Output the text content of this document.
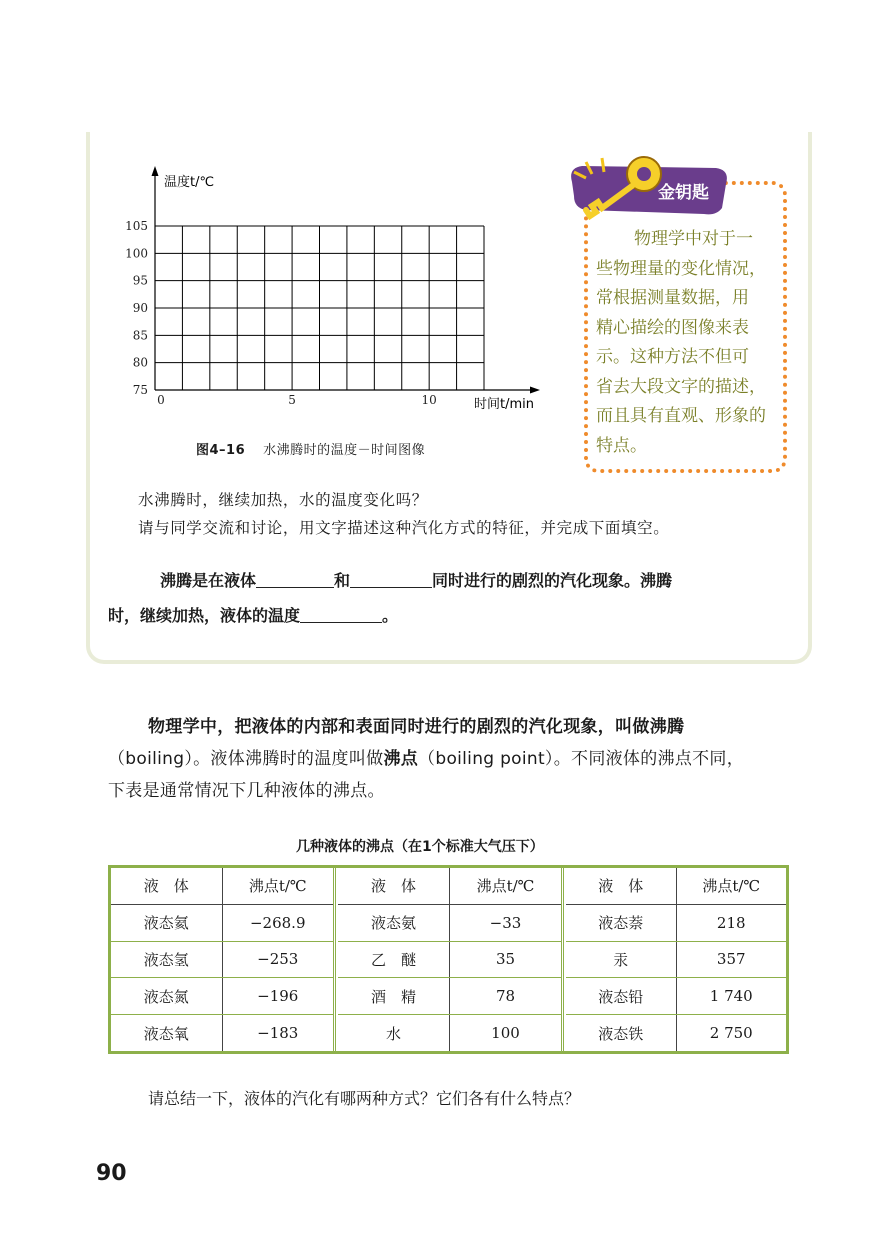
温度t/℃
时间t/min
105
100
95
90
85
80
75
0	5	10
图4–16 水沸腾时的温度－时间图像
物理学中对于一
些物理量的变化情况，
常根据测量数据，用
精心描绘的图像来表
示。这种方法不但可
省去大段文字的描述，
而且具有直观、形象的
特点。
金钥匙
水沸腾时，继续加热，水的温度变化吗？
请与同学交流和讨论，用文字描述这种汽化方式的特征，并完成下面填空。
沸腾是在液体	和	同时进行的剧烈的汽化现象。沸腾
时，继续加热，液体的温度	。
物理学中，把液体的内部和表面同时进行的剧烈的汽化现象，叫做沸腾
（boiling）。液体沸腾时的温度叫做沸点（boiling point）。不同液体的沸点不同，
下表是通常情况下几种液体的沸点。
几种液体的沸点（在1个标准大气压下）
液　体	沸点t/℃
液态氦	−268.9
液态氢	−253
液态氮	−196
液态氧	−183
液　体	沸点t/℃
液态氨	−33
乙　醚	35
酒　精	78
水	100
液　体	沸点t/℃
液态萘	218
汞	357
液态铅	1 740
液态铁	2 750
请总结一下，液体的汽化有哪两种方式？它们各有什么特点？
90
